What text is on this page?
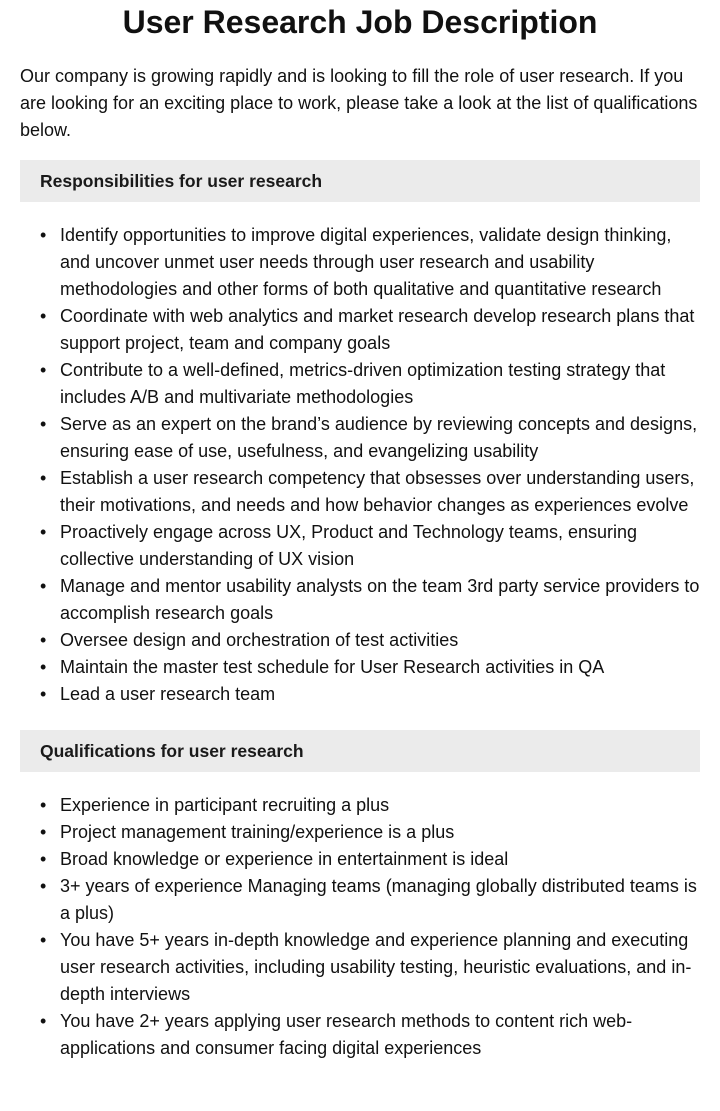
User Research Job Description

Our company is growing rapidly and is looking to fill the role of user research. If you are looking for an exciting place to work, please take a look at the list of qualifications below.

Responsibilities for user research
• Identify opportunities to improve digital experiences, validate design thinking, and uncover unmet user needs through user research and usability methodologies and other forms of both qualitative and quantitative research
• Coordinate with web analytics and market research develop research plans that support project, team and company goals
• Contribute to a well-defined, metrics-driven optimization testing strategy that includes A/B and multivariate methodologies
• Serve as an expert on the brand’s audience by reviewing concepts and designs, ensuring ease of use, usefulness, and evangelizing usability
• Establish a user research competency that obsesses over understanding users, their motivations, and needs and how behavior changes as experiences evolve
• Proactively engage across UX, Product and Technology teams, ensuring collective understanding of UX vision
• Manage and mentor usability analysts on the team 3rd party service providers to accomplish research goals
• Oversee design and orchestration of test activities
• Maintain the master test schedule for User Research activities in QA
• Lead a user research team
Qualifications for user research
• Experience in participant recruiting a plus
• Project management training/experience is a plus
• Broad knowledge or experience in entertainment is ideal
• 3+ years of experience Managing teams (managing globally distributed teams is a plus)
• You have 5+ years in-depth knowledge and experience planning and executing user research activities, including usability testing, heuristic evaluations, and in-depth interviews
• You have 2+ years applying user research methods to content rich web-applications and consumer facing digital experiences
